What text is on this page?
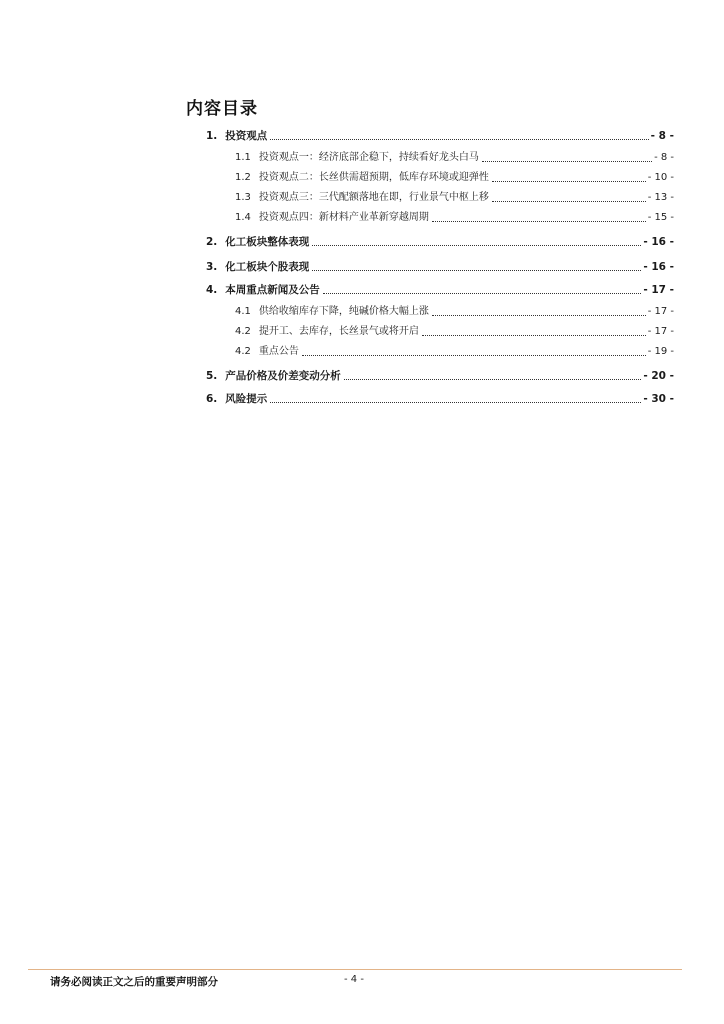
内容目录
1. 投资观点	- 8 -
1.1 投资观点一：经济底部企稳下，持续看好龙头白马	- 8 -
1.2 投资观点二：长丝供需超预期，低库存环境或迎弹性	- 10 -
1.3 投资观点三：三代配额落地在即，行业景气中枢上移	- 13 -
1.4 投资观点四：新材料产业革新穿越周期	- 15 -
2. 化工板块整体表现	- 16 -
3. 化工板块个股表现	- 16 -
4. 本周重点新闻及公告	- 17 -
4.1 供给收缩库存下降，纯碱价格大幅上涨	- 17 -
4.2 提开工、去库存，长丝景气或将开启	- 17 -
4.2 重点公告	- 19 -
5. 产品价格及价差变动分析	- 20 -
6. 风险提示	- 30 -
请务必阅读正文之后的重要声明部分	- 4 -
